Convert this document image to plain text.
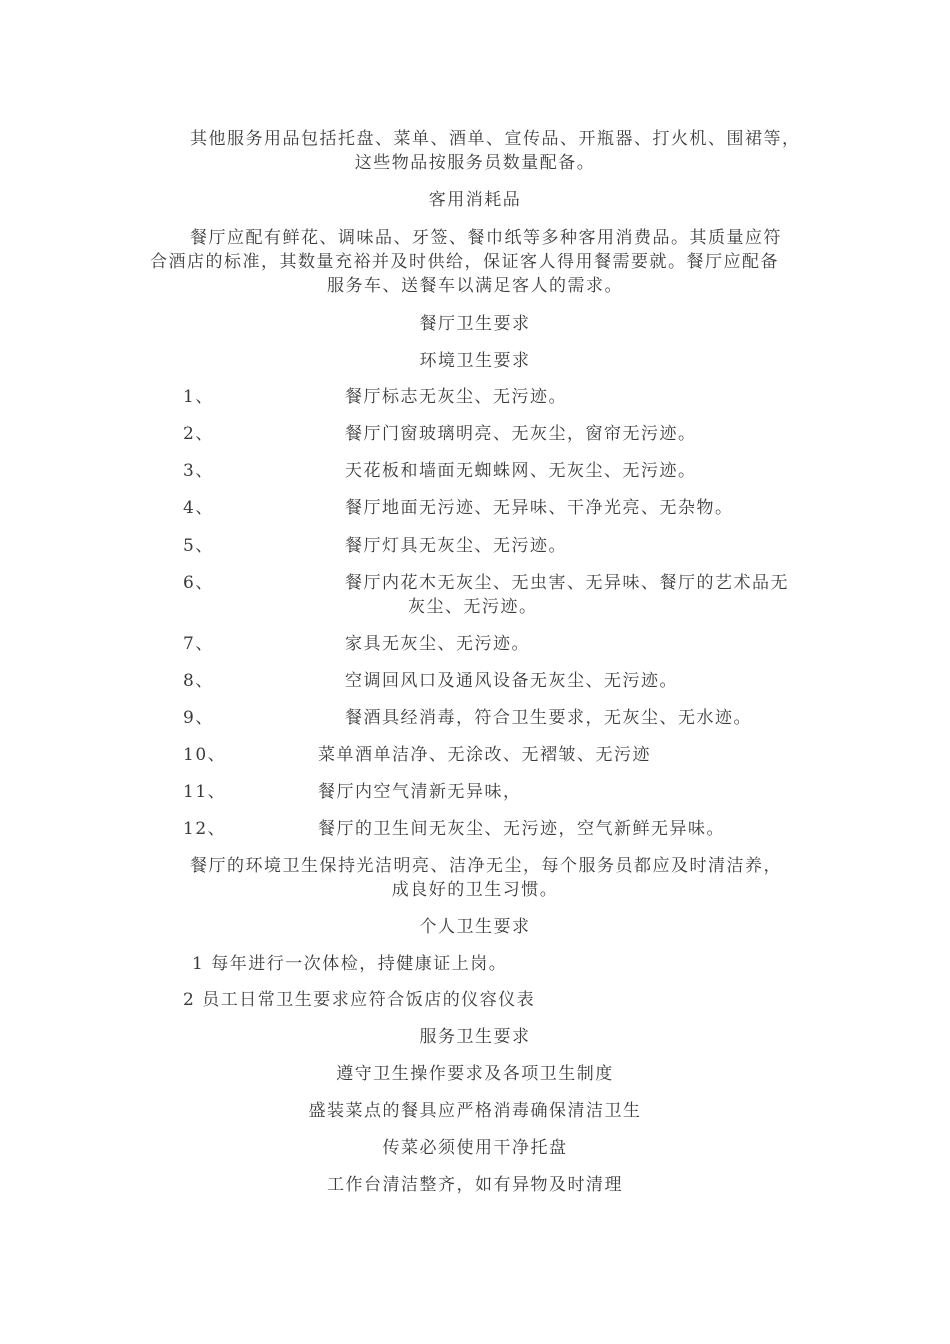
其他服务用品包括托盘、菜单、酒单、宣传品、开瓶器、打火机、围裙等，
这些物品按服务员数量配备。
客用消耗品
餐厅应配有鲜花、调味品、牙签、餐巾纸等多种客用消费品。其质量应符
合酒店的标准，其数量充裕并及时供给，保证客人得用餐需要就。餐厅应配备
服务车、送餐车以满足客人的需求。
餐厅卫生要求
环境卫生要求
1、	餐厅标志无灰尘、无污迹。
2、	餐厅门窗玻璃明亮、无灰尘，窗帘无污迹。
3、	天花板和墙面无蜘蛛网、无灰尘、无污迹。
4、	餐厅地面无污迹、无异味、干净光亮、无杂物。
5、	餐厅灯具无灰尘、无污迹。
6、	餐厅内花木无灰尘、无虫害、无异味、餐厅的艺术品无
灰尘、无污迹。
7、	家具无灰尘、无污迹。
8、	空调回风口及通风设备无灰尘、无污迹。
9、	餐酒具经消毒，符合卫生要求，无灰尘、无水迹。
10、	菜单酒单洁净、无涂改、无褶皱、无污迹
11、	餐厅内空气清新无异味，
12、	餐厅的卫生间无灰尘、无污迹，空气新鲜无异味。
餐厅的环境卫生保持光洁明亮、洁净无尘，每个服务员都应及时清洁养，
成良好的卫生习惯。
个人卫生要求
1 每年进行一次体检，持健康证上岗。
2 员工日常卫生要求应符合饭店的仪容仪表
服务卫生要求
遵守卫生操作要求及各项卫生制度
盛装菜点的餐具应严格消毒确保清洁卫生
传菜必须使用干净托盘
工作台清洁整齐，如有异物及时清理
